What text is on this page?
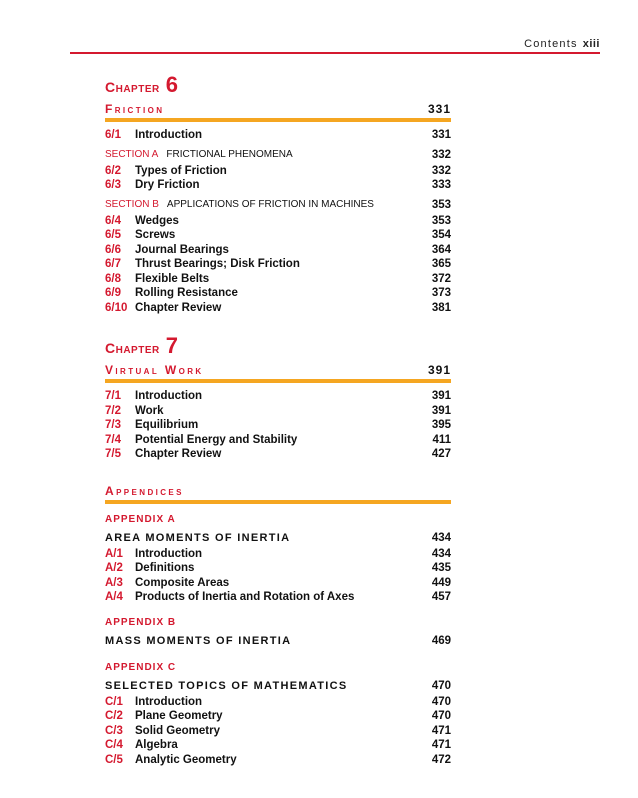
Contents xiii
Chapter 6
Friction	331
6/1	Introduction	331
SECTION A FRICTIONAL PHENOMENA	332
6/2	Types of Friction	332
6/3	Dry Friction	333
SECTION B APPLICATIONS OF FRICTION IN MACHINES	353
6/4	Wedges	353
6/5	Screws	354
6/6	Journal Bearings	364
6/7	Thrust Bearings; Disk Friction	365
6/8	Flexible Belts	372
6/9	Rolling Resistance	373
6/10 Chapter Review	381
Chapter 7
Virtual Work	391
7/1	Introduction	391
7/2	Work	391
7/3	Equilibrium	395
7/4	Potential Energy and Stability	411
7/5	Chapter Review	427
Appendices
APPENDIX A
AREA MOMENTS OF INERTIA	434
A/1	Introduction	434
A/2	Definitions	435
A/3	Composite Areas	449
A/4	Products of Inertia and Rotation of Axes	457
APPENDIX B
MASS MOMENTS OF INERTIA	469
APPENDIX C
SELECTED TOPICS OF MATHEMATICS	470
C/1	Introduction	470
C/2	Plane Geometry	470
C/3	Solid Geometry	471
C/4	Algebra	471
C/5	Analytic Geometry	472
